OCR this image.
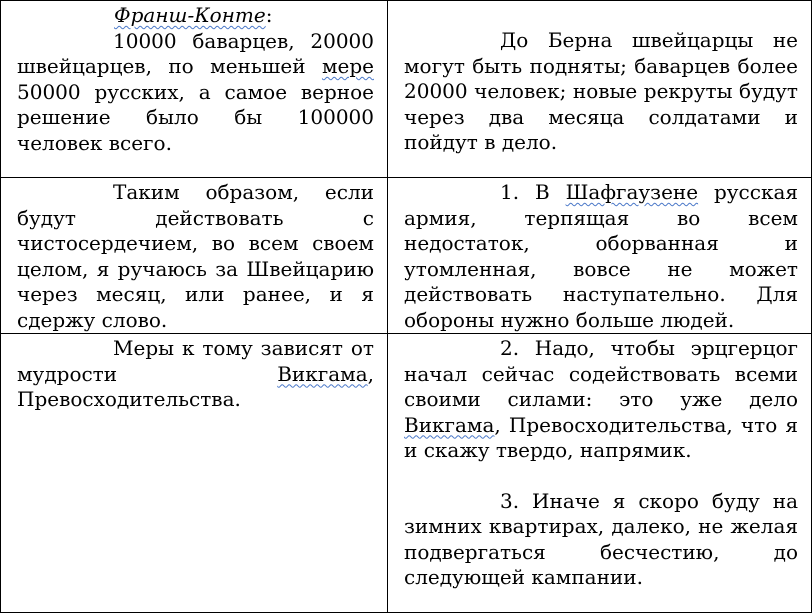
Франш-Конте:

10000 баварцев, 20000 швейцарцев, по меньшей мере 50000 русских, а самое верное решение было бы 100000 человек всего.	До Берна швейцарцы не могут быть подняты; баварцев более 20000 человек; новые рекруты будут через два месяца солдатами и пойдут в дело.

Таким образом, если будут действовать с чистосердечием, во всем своем целом, я ручаюсь за Швейцарию через месяц, или ранее, и я сдержу слово.	1. В Шафгаузене русская армия, терпящая во всем недостаток, оборванная и утомленная, вовсе не может действовать наступательно. Для обороны нужно больше людей.

Меры к тому зависят от мудрости Викгама, Превосходительства.	2. Надо, чтобы эрцгерцог начал сейчас содействовать всеми своими силами: это уже дело Викгама, Превосходительства, что я и скажу твердо, напрямик.

3. Иначе я скоро буду на зимних квартирах, далеко, не желая подвергаться бесчестию, до следующей кампании.
